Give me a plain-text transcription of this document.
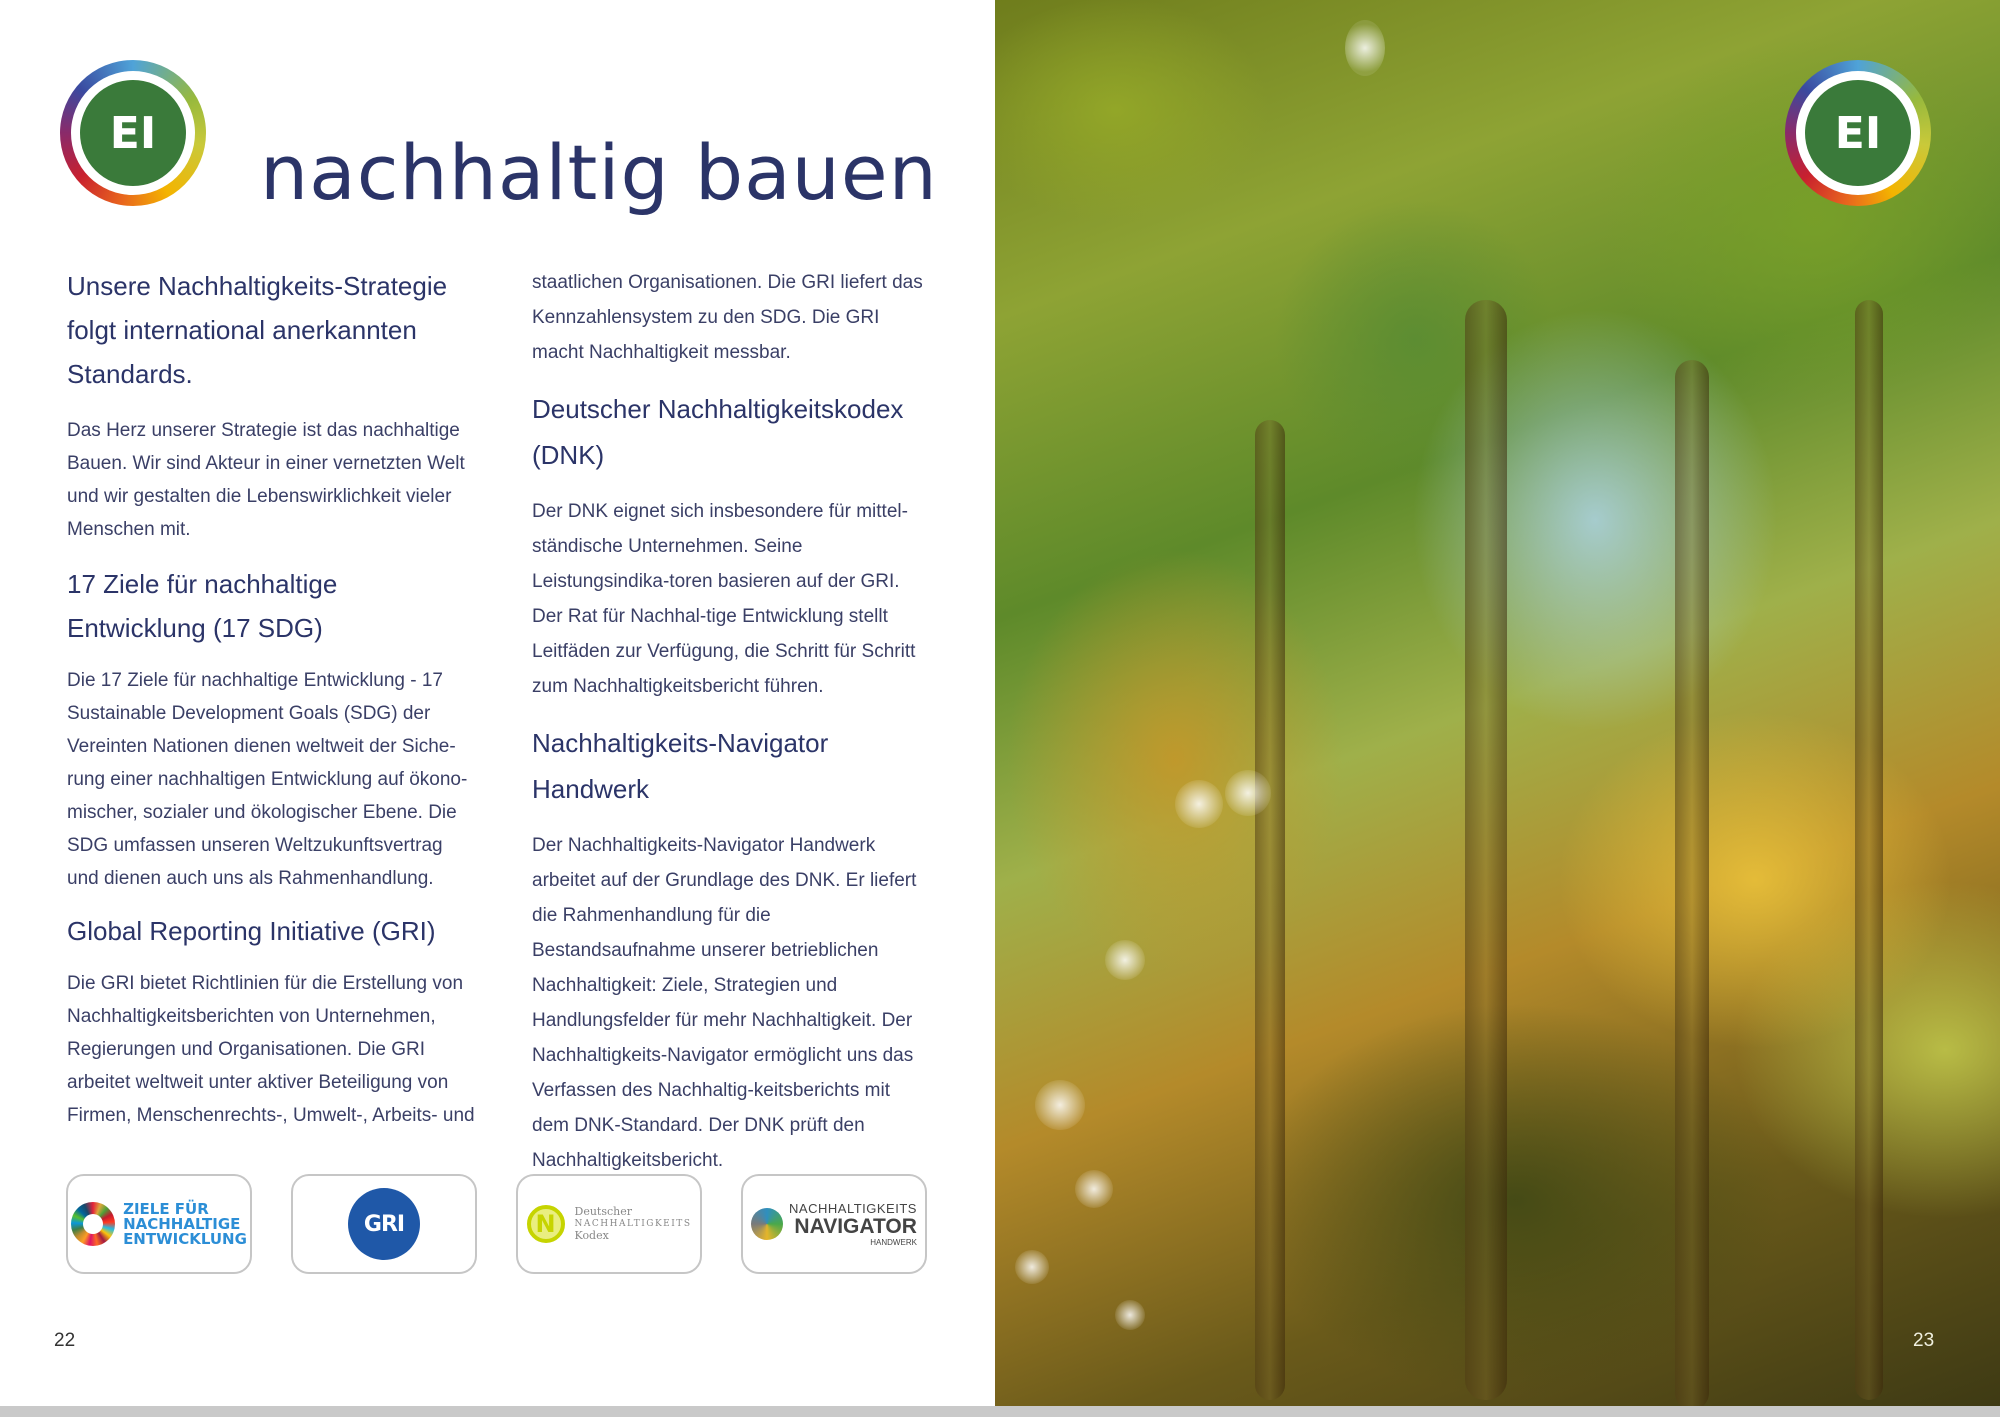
EI	nachhaltig bauen

Unsere Nachhaltigkeits-Strategie folgt international anerkannten Standards.

Das Herz unserer Strategie ist das nachhaltige Bauen. Wir sind Akteur in einer vernetzten Welt und wir gestalten die Lebenswirklichkeit vieler Menschen mit.

17 Ziele für nachhaltige Entwicklung (17 SDG)

Die 17 Ziele für nachhaltige Entwicklung - 17 Sustainable Development Goals (SDG) der Vereinten Nationen dienen weltweit der Siche-rung einer nachhaltigen Entwicklung auf ökono-mischer, sozialer und ökologischer Ebene. Die SDG umfassen unseren Weltzukunftsvertrag und dienen auch uns als Rahmenhandlung.

Global Reporting Initiative (GRI)

Die GRI bietet Richtlinien für die Erstellung von Nachhaltigkeitsberichten von Unternehmen, Regierungen und Organisationen. Die GRI arbeitet weltweit unter aktiver Beteiligung von Firmen, Menschenrechts-, Umwelt-, Arbeits- und

staatlichen Organisationen. Die GRI liefert das Kennzahlensystem zu den SDG. Die GRI macht Nachhaltigkeit messbar.

Deutscher Nachhaltigkeitskodex (DNK)

Der DNK eignet sich insbesondere für mittel-ständische Unternehmen. Seine Leistungsindika-toren basieren auf der GRI. Der Rat für Nachhal-tige Entwicklung stellt Leitfäden zur Verfügung, die Schritt für Schritt zum Nachhaltigkeitsbericht führen.

Nachhaltigkeits-Navigator Handwerk

Der Nachhaltigkeits-Navigator Handwerk arbeitet auf der Grundlage des DNK. Er liefert die Rahmenhandlung für die Bestandsaufnahme unserer betrieblichen Nachhaltigkeit: Ziele, Strategien und Handlungsfelder für mehr Nachhaltigkeit. Der Nachhaltigkeits-Navigator ermöglicht uns das Verfassen des Nachhaltig-keitsberichts mit dem DNK-Standard. Der DNK prüft den Nachhaltigkeitsbericht.

ZIELE FÜR
NACHHALTIGE
ENTWICKLUNG
GRI	N	Deutscher
NACHHALTIGKEITS
Kodex
NACHHALTIGKEITS
NAVIGATOR
HANDWERK
22
EI
23
